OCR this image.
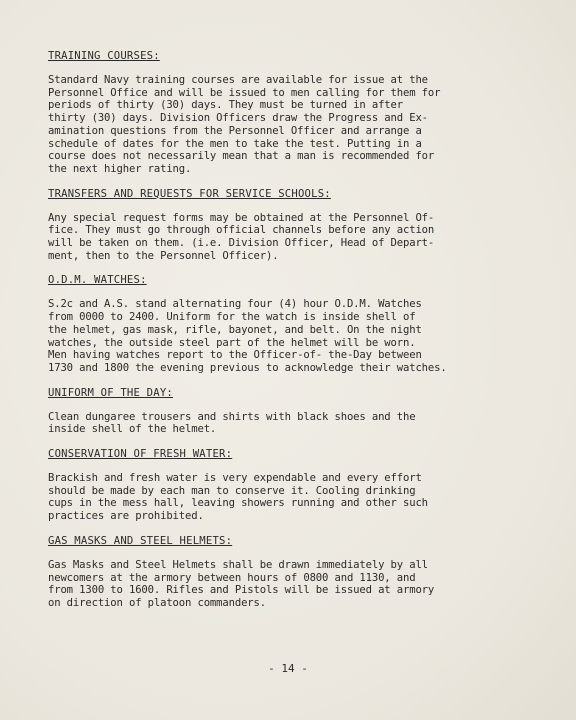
TRAINING COURSES:
Standard Navy training courses are available for issue at the
Personnel Office and will be issued to men calling for them for
periods of thirty (30) days. They must be turned in after
thirty (30) days. Division Officers draw the Progress and Ex-
amination questions from the Personnel Officer and arrange a
schedule of dates for the men to take the test. Putting in a
course does not necessarily mean that a man is recommended for
the next higher rating.
TRANSFERS AND REQUESTS FOR SERVICE SCHOOLS:
Any special request forms may be obtained at the Personnel Of-
fice. They must go through official channels before any action
will be taken on them. (i.e. Division Officer, Head of Depart-
ment, then to the Personnel Officer).
O.D.M. WATCHES:
S.2c and A.S. stand alternating four (4) hour O.D.M. Watches
from 0000 to 2400. Uniform for the watch is inside shell of
the helmet, gas mask, rifle, bayonet, and belt. On the night
watches, the outside steel part of the helmet will be worn.
Men having watches report to the Officer-of- the-Day between
1730 and 1800 the evening previous to acknowledge their watches.
UNIFORM OF THE DAY:
Clean dungaree trousers and shirts with black shoes and the
inside shell of the helmet.
CONSERVATION OF FRESH WATER:
Brackish and fresh water is very expendable and every effort
should be made by each man to conserve it. Cooling drinking
cups in the mess hall, leaving showers running and other such
practices are prohibited.
GAS MASKS AND STEEL HELMETS:
Gas Masks and Steel Helmets shall be drawn immediately by all
newcomers at the armory between hours of 0800 and 1130, and
from 1300 to 1600. Rifles and Pistols will be issued at armory
on direction of platoon commanders.
- 14 -
